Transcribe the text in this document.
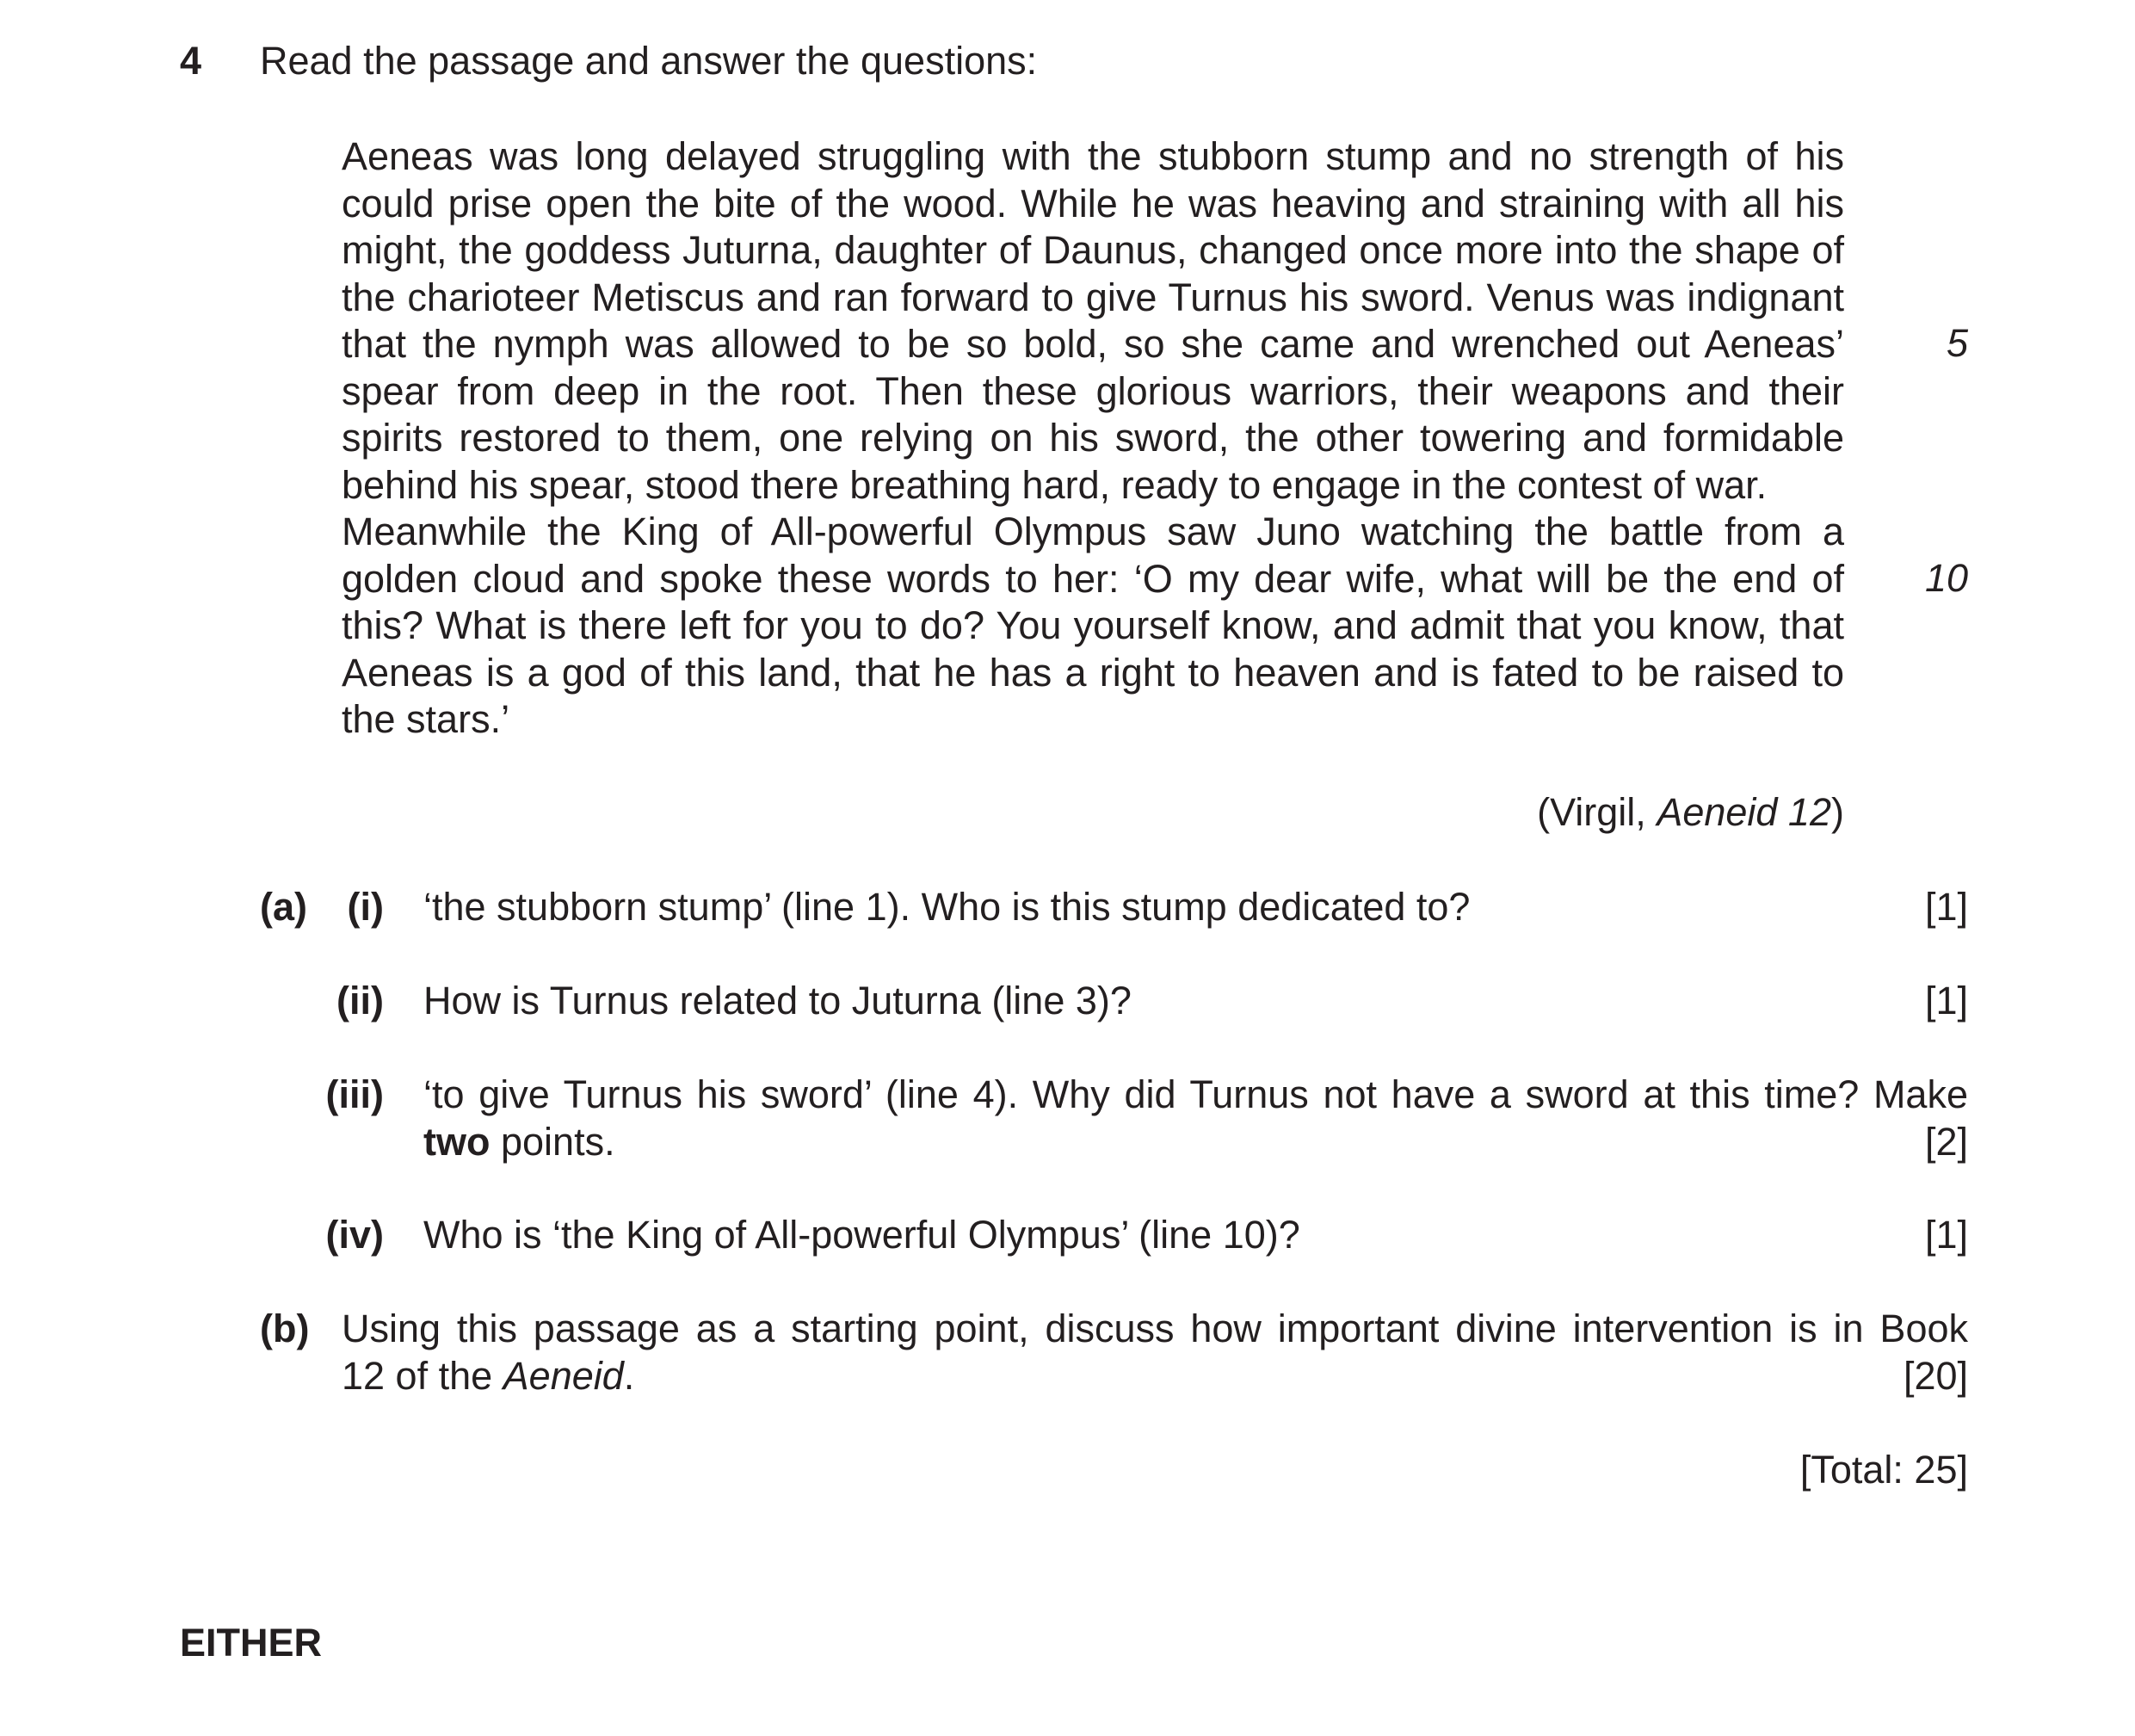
4 Read the passage and answer the questions:

Aeneas was long delayed struggling with the stubborn stump and no strength of his could prise open the bite of the wood. While he was heaving and straining with all his might, the goddess Juturna, daughter of Daunus, changed once more into the shape of the charioteer Metiscus and ran forward to give Turnus his sword. Venus was indignant that the nymph was allowed to be so bold, so she came and wrenched out Aeneas’ spear from deep in the root. Then these glorious warriors, their weapons and their spirits restored to them, one relying on his sword, the other towering and formidable behind his spear, stood there breathing hard, ready to engage in the contest of war.

Meanwhile the King of All-powerful Olympus saw Juno watching the battle from a golden cloud and spoke these words to her: ‘O my dear wife, what will be the end of this? What is there left for you to do? You yourself know, and admit that you know, that Aeneas is a god of this land, that he has a right to heaven and is fated to be raised to the stars.’

5
10
(Virgil, Aeneid 12)
(a)	(i) ‘the stubborn stump’ (line 1). Who is this stump dedicated to?	[1]
(ii) How is Turnus related to Juturna (line 3)?	[1]
(iii) ‘to give Turnus his sword’ (line 4). Why did Turnus not have a sword at this time? Make
two points.	[2]
(iv) Who is ‘the King of All-powerful Olympus’ (line 10)?	[1]
(b) Using this passage as a starting point, discuss how important divine intervention is in Book
12 of the Aeneid.	[20]
[Total: 25]
EITHER
